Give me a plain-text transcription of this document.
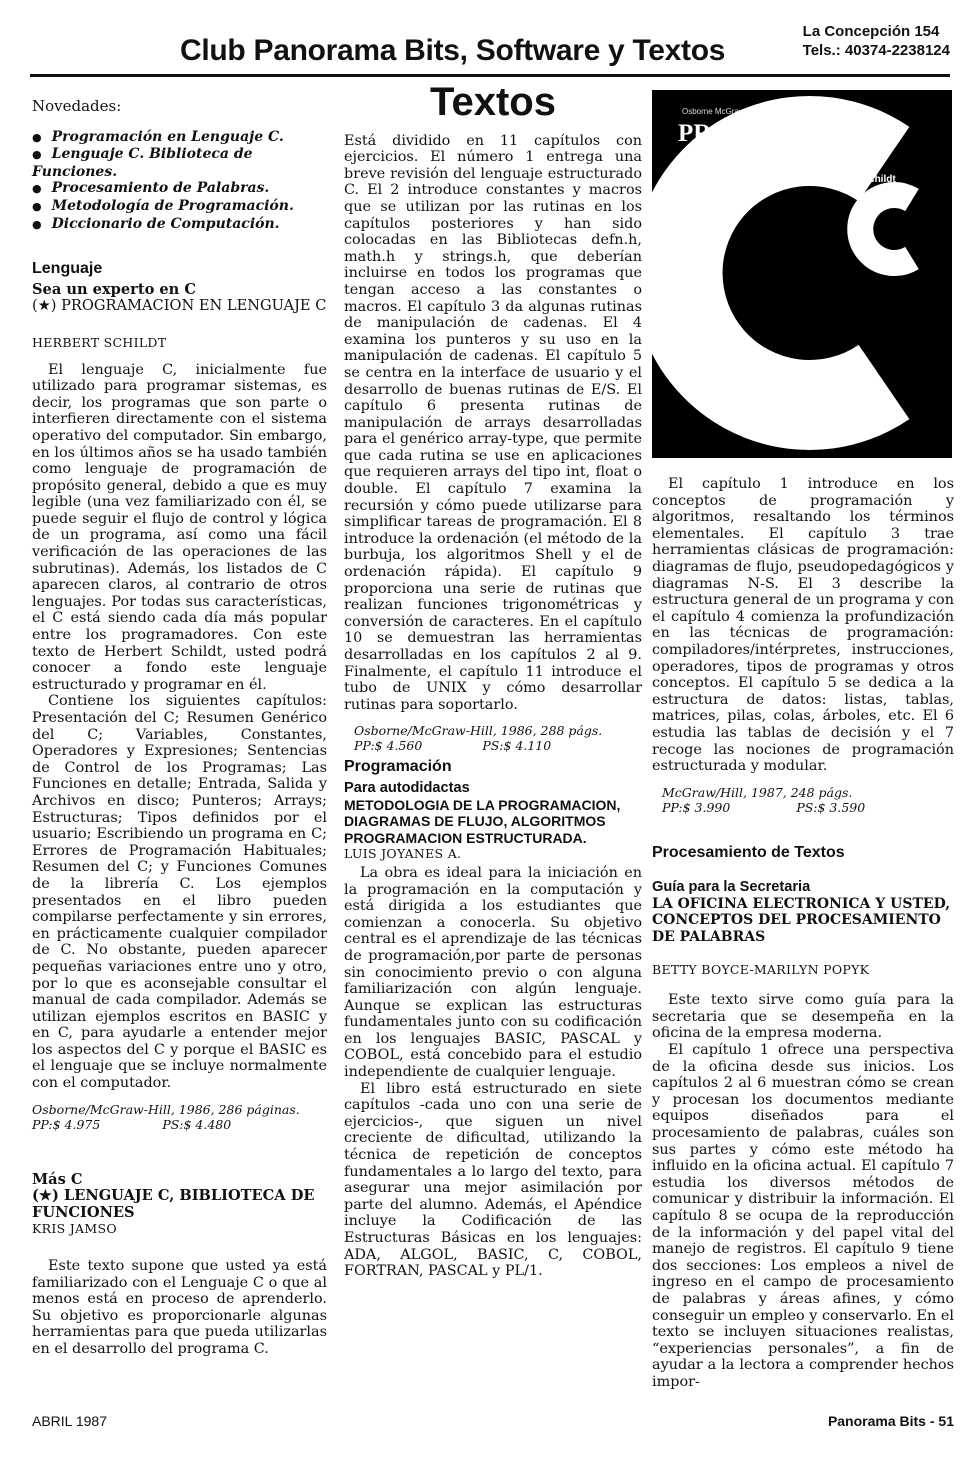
Club Panorama Bits, Software y Textos
La Concepción 154
Tels.: 40374-2238124
Novedades:
● Programación en Lenguaje C.
● Lenguaje C. Biblioteca de Funciones.
● Procesamiento de Palabras.
● Metodología de Programación.
● Diccionario de Computación.
Lenguaje
Sea un experto en C
(★) PROGRAMACION EN LENGUAJE C
HERBERT SCHILDT

El lenguaje C, inicialmente fue utilizado para programar sistemas, es decir, los programas que son parte o interfieren directamente con el sistema operativo del computador. Sin embargo, en los últimos años se ha usado también como lenguaje de programación de propósito general, debido a que es muy legible (una vez familiarizado con él, se puede seguir el flujo de control y lógica de un programa, así como una fácil verificación de las operaciones de las subrutinas). Además, los listados de C aparecen claros, al contrario de otros lenguajes. Por todas sus características, el C está siendo cada día más popular entre los programadores. Con este texto de Herbert Schildt, usted podrá conocer a fondo este lenguaje estructurado y programar en él.

Contiene los siguientes capítulos: Presentación del C; Resumen Genérico del C; Variables, Constantes, Operadores y Expresiones; Sentencias de Control de los Programas; Las Funciones en detalle; Entrada, Salida y Archivos en disco; Punteros; Arrays; Estructuras; Tipos definidos por el usuario; Escribiendo un programa en C; Errores de Programación Habituales; Resumen del C; y Funciones Comunes de la librería C. Los ejemplos presentados en el libro pueden compilarse perfectamente y sin errores, en prácticamente cualquier compilador de C. No obstante, pueden aparecer pequeñas variaciones entre uno y otro, por lo que es aconsejable consultar el manual de cada compilador. Además se utilizan ejemplos escritos en BASIC y en C, para ayudarle a entender mejor los aspectos del C y porque el BASIC es el lenguaje que se incluye normalmente con el computador.

Osborne/McGraw-Hill, 1986, 286 páginas.
PP:$ 4.975	PS:$ 4.480
Más C
(★) LENGUAJE C, BIBLIOTECA DE FUNCIONES
KRIS JAMSO

Este texto supone que usted ya está familiarizado con el Lenguaje C o que al menos está en proceso de aprenderlo. Su objetivo es proporcionarle algunas herramientas para que pueda utilizarlas en el desarrollo del programa C.

Textos

Está dividido en 11 capítulos con ejercicios. El número 1 entrega una breve revisión del lenguaje estructurado C. El 2 introduce constantes y macros que se utilizan por las rutinas en los capítulos posteriores y han sido colocadas en las Bibliotecas defn.h, math.h y strings.h, que deberían incluirse en todos los programas que tengan acceso a las constantes o macros. El capítulo 3 da algunas rutinas de manipulación de cadenas. El 4 examina los punteros y su uso en la manipulación de cadenas. El capítulo 5 se centra en la interface de usuario y el desarrollo de buenas rutinas de E/S. El capítulo 6 presenta rutinas de manipulación de arrays desarrolladas para el genérico array-type, que permite que cada rutina se use en aplicaciones que requieren arrays del tipo int, float o double. El capítulo 7 examina la recursión y cómo puede utilizarse para simplificar tareas de programación. El 8 introduce la ordenación (el método de la burbuja, los algoritmos Shell y el de ordenación rápida). El capítulo 9 proporciona una serie de rutinas que realizan funciones trigonométricas y conversión de caracteres. En el capítulo 10 se demuestran las herramientas desarrolladas en los capítulos 2 al 9. Finalmente, el capítulo 11 introduce el tubo de UNIX y cómo desarrollar rutinas para soportarlo.

Osborne/McGraw-Hill, 1986, 288 págs.
PP:$ 4.560	PS:$ 4.110
Programación
Para autodidactas
METODOLOGIA DE LA PROGRAMACION, DIAGRAMAS DE FLUJO, ALGORITMOS PROGRAMACION ESTRUCTURADA.
LUIS JOYANES A.

La obra es ideal para la iniciación en la programación en la computación y está dirigida a los estudiantes que comienzan a conocerla. Su objetivo central es el aprendizaje de las técnicas de programación,por parte de personas sin conocimiento previo o con alguna familiarización con algún lenguaje. Aunque se explican las estructuras fundamentales junto con su codificación en los lenguajes BASIC, PASCAL y COBOL, está concebido para el estudio independiente de cualquier lenguaje.

El libro está estructurado en siete capítulos -cada uno con una serie de ejercicios-, que siguen un nivel creciente de dificultad, utilizando la técnica de repetición de conceptos fundamentales a lo largo del texto, para asegurar una mejor asimilación por parte del alumno. Además, el Apéndice incluye la Codificación de las Estructuras Básicas en los lenguajes: ADA, ALGOL, BASIC, C, COBOL, FORTRAN, PASCAL y PL/1.

Osborne McGraw-Hill
PROGRAMACION
EN LENGUAJE
Herbert Schildt

El capítulo 1 introduce en los conceptos de programación y algoritmos, resaltando los términos elementales. El capítulo 3 trae herramientas clásicas de programación: diagramas de flujo, pseudopedagógicos y diagramas N-S. El 3 describe la estructura general de un programa y con el capítulo 4 comienza la profundización en las técnicas de programación: compiladores/intérpretes, instrucciones, operadores, tipos de programas y otros conceptos. El capítulo 5 se dedica a la estructura de datos: listas, tablas, matrices, pilas, colas, árboles, etc. El 6 estudia las tablas de decisión y el 7 recoge las nociones de programación estructurada y modular.

McGraw/Hill, 1987, 248 págs.
PP:$ 3.990	PS:$ 3.590
Procesamiento de Textos
Guía para la Secretaria
LA OFICINA ELECTRONICA Y USTED, CONCEPTOS DEL PROCESAMIENTO DE PALABRAS
BETTY BOYCE-MARILYN POPYK

Este texto sirve como guía para la secretaria que se desempeña en la oficina de la empresa moderna.

El capítulo 1 ofrece una perspectiva de la oficina desde sus inicios. Los capítulos 2 al 6 muestran cómo se crean y procesan los documentos mediante equipos diseñados para el procesamiento de palabras, cuáles son sus partes y cómo este método ha influido en la oficina actual. El capítulo 7 estudia los diversos métodos de comunicar y distribuir la información. El capítulo 8 se ocupa de la reproducción de la información y del papel vital del manejo de registros. El capítulo 9 tiene dos secciones: Los empleos a nivel de ingreso en el campo de procesamiento de palabras y áreas afines, y cómo conseguir un empleo y conservarlo. En el texto se incluyen situaciones realistas, “experiencias personales”, a fin de ayudar a la lectora a comprender hechos impor-

ABRIL 1987	Panorama Bits - 51
